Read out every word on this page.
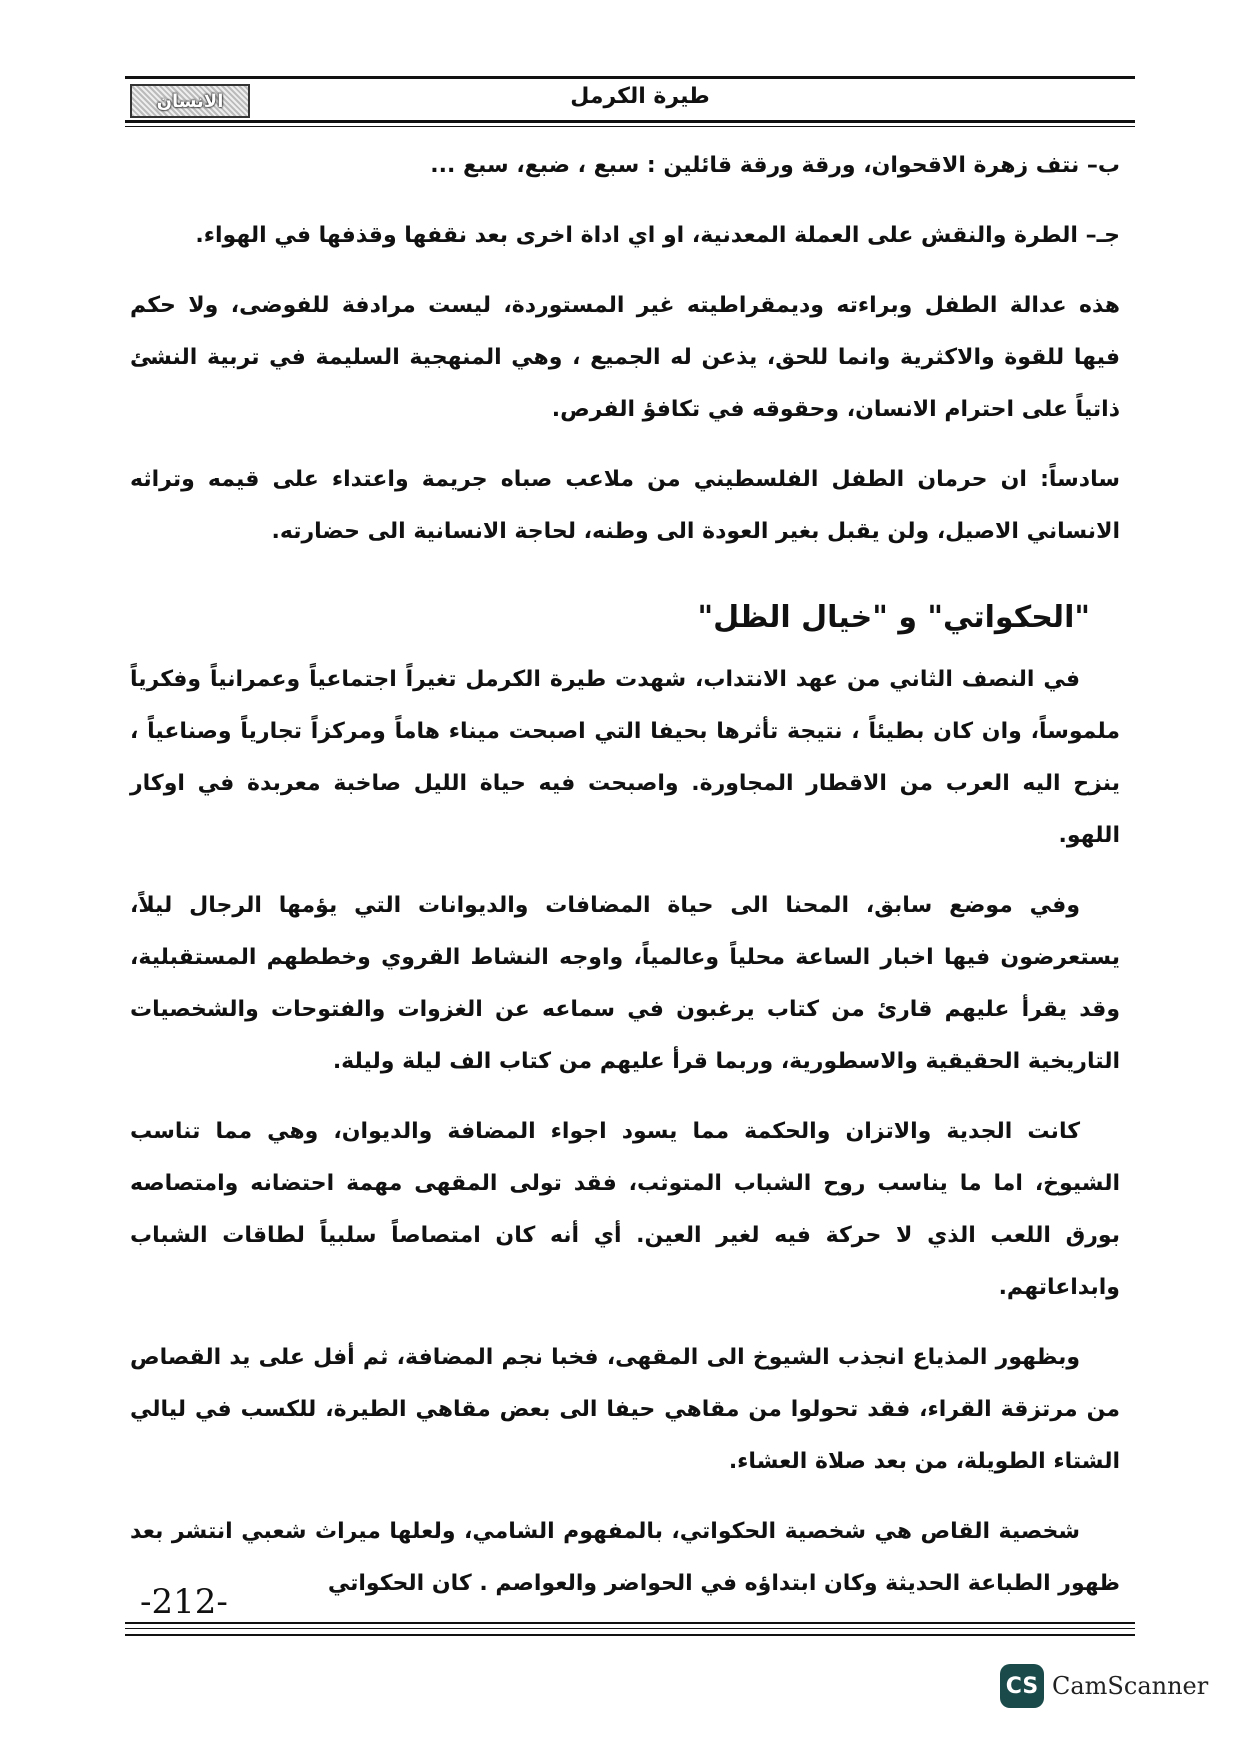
الانسان	طيرة الكرمل

ب– نتف زهرة الاقحوان، ورقة ورقة قائلين : سبع ، ضبع، سبع ...

جـ– الطرة والنقش على العملة المعدنية، او اي اداة اخرى بعد نقفها وقذفها في الهواء.

هذه عدالة الطفل وبراءته وديمقراطيته غير المستوردة، ليست مرادفة للفوضى، ولا حكم فيها للقوة والاكثرية وانما للحق، يذعن له الجميع ، وهي المنهجية السليمة في تربية النشئ ذاتياً على احترام الانسان، وحقوقه في تكافؤ الفرص.

سادساً: ان حرمان الطفل الفلسطيني من ملاعب صباه جريمة واعتداء على قيمه وتراثه الانساني الاصيل، ولن يقبل بغير العودة الى وطنه، لحاجة الانسانية الى حضارته.

"الحكواتي" و "خيال الظل"

في النصف الثاني من عهد الانتداب، شهدت طيرة الكرمل تغيراً اجتماعياً وعمرانياً وفكرياً ملموساً، وان كان بطيئاً ، نتيجة تأثرها بحيفا التي اصبحت ميناء هاماً ومركزاً تجارياً وصناعياً ، ينزح اليه العرب من الاقطار المجاورة. واصبحت فيه حياة الليل صاخبة معربدة في اوكار اللهو.

وفي موضع سابق، المحنا الى حياة المضافات والديوانات التي يؤمها الرجال ليلاً، يستعرضون فيها اخبار الساعة محلياً وعالمياً، واوجه النشاط القروي وخططهم المستقبلية، وقد يقرأ عليهم قارئ من كتاب يرغبون في سماعه عن الغزوات والفتوحات والشخصيات التاريخية الحقيقية والاسطورية، وربما قرأ عليهم من كتاب الف ليلة وليلة.

كانت الجدية والاتزان والحكمة مما يسود اجواء المضافة والديوان، وهي مما تناسب الشيوخ، اما ما يناسب روح الشباب المتوثب، فقد تولى المقهى مهمة احتضانه وامتصاصه بورق اللعب الذي لا حركة فيه لغير العين. أي أنه كان امتصاصاً سلبياً لطاقات الشباب وابداعاتهم.

وبظهور المذياع انجذب الشيوخ الى المقهى، فخبا نجم المضافة، ثم أفل على يد القصاص من مرتزقة القراء، فقد تحولوا من مقاهي حيفا الى بعض مقاهي الطيرة، للكسب في ليالي الشتاء الطويلة، من بعد صلاة العشاء.

شخصية القاص هي شخصية الحكواتي، بالمفهوم الشامي، ولعلها ميراث شعبي انتشر بعد ظهور الطباعة الحديثة وكان ابتداؤه في الحواضر والعواصم . كان الحكواتي

-212-
CS CamScanner
